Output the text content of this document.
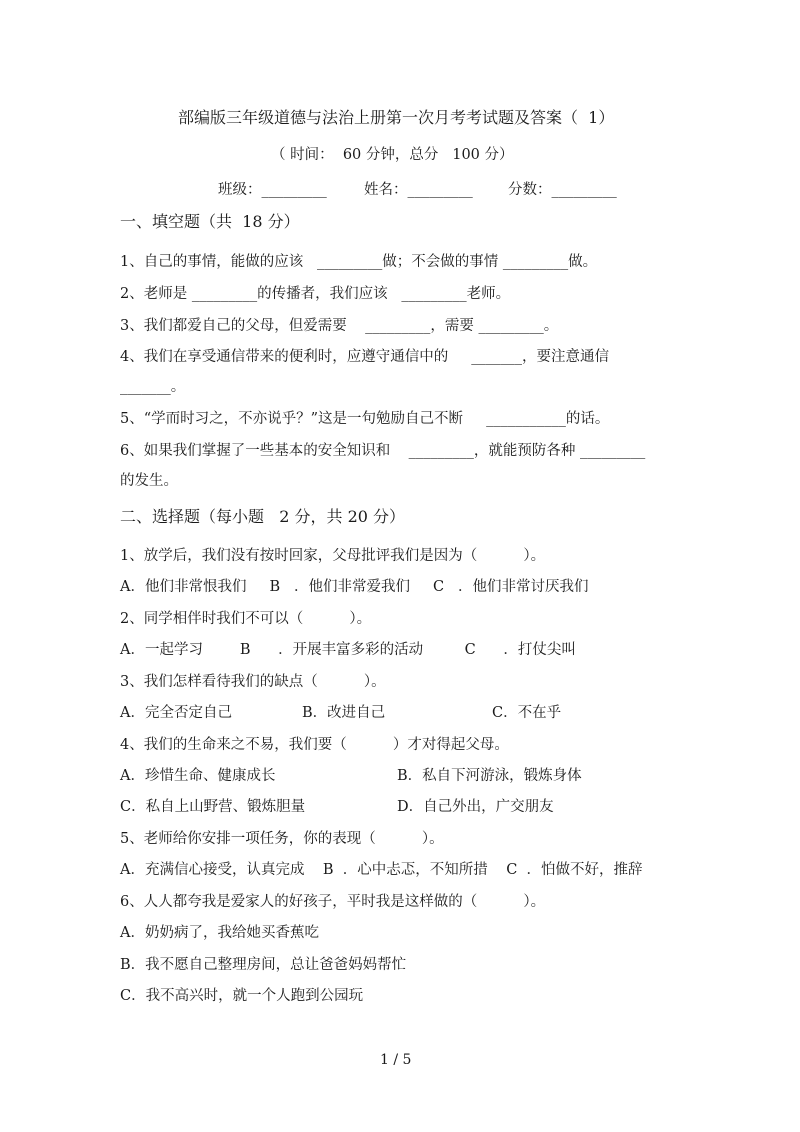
部编版三年级道德与法治上册第一次月考考试题及答案（  1）
（ 时间：  60 分钟，总分   100 分）
班级：_________	姓名：_________ 分数：_________
一、填空题（共  18 分）
1、自己的事情，能做的应该   _________做；不会做的事情 _________做。
2、老师是 _________的传播者，我们应该   _________老师。
3、我们都爱自己的父母，但爱需要    _________，需要 _________。
4、我们在享受通信带来的便利时，应遵守通信中的     _______，要注意通信
_______。
5、“学而时习之，不亦说乎？”这是一句勉励自己不断     ___________的话。
6、如果我们掌握了一些基本的安全知识和    _________，就能预防各种 _________
的发生。
二、选择题（每小题   2 分，共 20 分）
1、放学后，我们没有按时回家，父母批评我们是因为（          ）。
A．他们非常恨我们     B   ．他们非常爱我们     C   ．他们非常讨厌我们
2、同学相伴时我们不可以（          ）。
A．一起学习        B      ．开展丰富多彩的活动         C      ．打仗尖叫
3、我们怎样看待我们的缺点（          ）。
A．完全否定自己	B．改进自己	C．不在乎
4、我们的生命来之不易，我们要（          ）才对得起父母。
A．珍惜生命、健康成长	B．私自下河游泳，锻炼身体
C．私自上山野营、锻炼胆量	D．自己外出，广交朋友
5、老师给你安排一项任务，你的表现（          ）。
A．充满信心接受，认真完成    B  ．心中忐忑，不知所措    C  ．怕做不好，推辞
6、人人都夸我是爱家人的好孩子，平时我是这样做的（          ）。
A．奶奶病了，我给她买香蕉吃
B．我不愿自己整理房间，总让爸爸妈妈帮忙
C．我不高兴时，就一个人跑到公园玩
1 / 5
